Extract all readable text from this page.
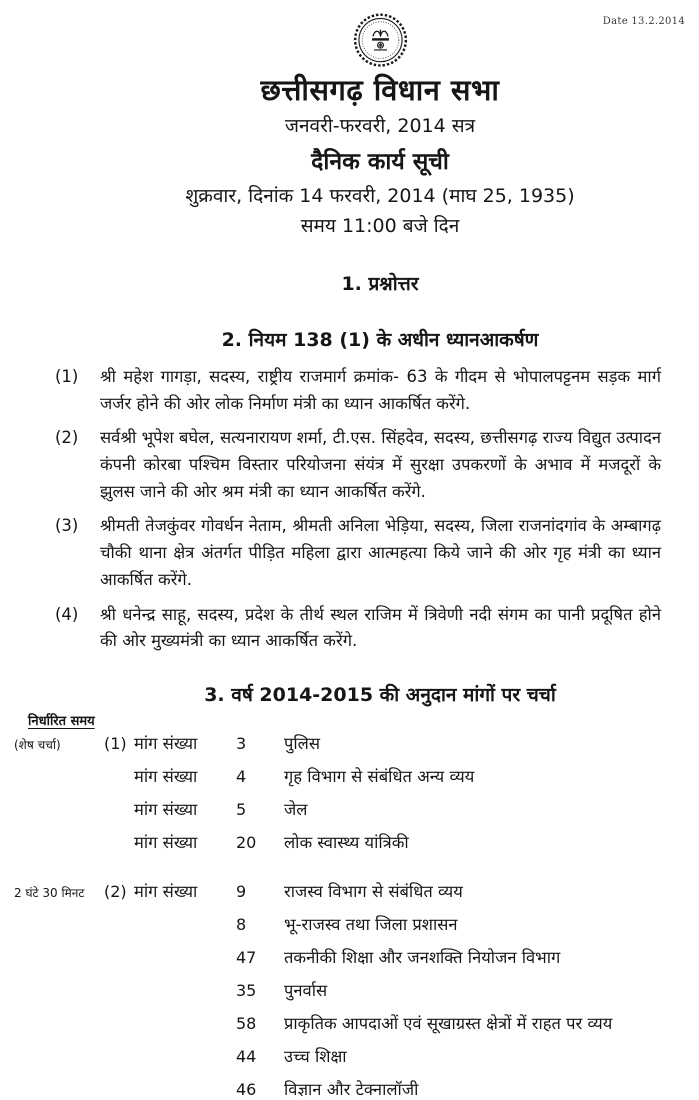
Date 13.2.2014
छत्तीसगढ़ विधान सभा
जनवरी-फरवरी, 2014 सत्र
दैनिक कार्य सूची
शुक्रवार, दिनांक 14 फरवरी, 2014 (माघ 25, 1935)
समय 11:00 बजे दिन
1. प्रश्नोत्तर
2. नियम 138 (1) के अधीन ध्यानआकर्षण
(1)	श्री महेश गागड़ा, सदस्य, राष्ट्रीय राजमार्ग क्रमांक- 63 के गीदम से भोपालपट्टनम सड़क मार्ग जर्जर होने की ओर लोक निर्माण मंत्री का ध्यान आकर्षित करेंगे.

(2)	सर्वश्री भूपेश बघेल, सत्यनारायण शर्मा, टी.एस. सिंहदेव, सदस्य, छत्तीसगढ़ राज्य विद्युत उत्पादन कंपनी कोरबा पश्चिम विस्तार परियोजना संयंत्र में सुरक्षा उपकरणों के अभाव में मजदूरों के झुलस जाने की ओर श्रम मंत्री का ध्यान आकर्षित करेंगे.

(3)	श्रीमती तेजकुंवर गोवर्धन नेताम, श्रीमती अनिला भेड़िया, सदस्य, जिला राजनांदगांव के अम्बागढ़ चौकी थाना क्षेत्र अंतर्गत पीड़ित महिला द्वारा आत्महत्या किये जाने की ओर गृह मंत्री का ध्यान आकर्षित करेंगे.

(4)	श्री धनेन्द्र साहू, सदस्य, प्रदेश के तीर्थ स्थल राजिम में त्रिवेणी नदी संगम का पानी प्रदूषित होने की ओर मुख्यमंत्री का ध्यान आकर्षित करेंगे.

3. वर्ष 2014-2015 की अनुदान मांगों पर चर्चा
निर्धारित समय
(शेष चर्चा)	(1) मांग संख्या	3	पुलिस
मांग संख्या	4	गृह विभाग से संबंधित अन्य व्यय
मांग संख्या	5	जेल
मांग संख्या	20	लोक स्वास्थ्य यांत्रिकी
2 घंटे 30 मिनट	(2) मांग संख्या	9	राजस्व विभाग से संबंधित व्यय
8	भू-राजस्व तथा जिला प्रशासन
47	तकनीकी शिक्षा और जनशक्ति नियोजन विभाग
35	पुनर्वास
58	प्राकृतिक आपदाओं एवं सूखाग्रस्त क्षेत्रों में राहत पर व्यय
44	उच्च शिक्षा
46	विज्ञान और टेक्नालॉजी
